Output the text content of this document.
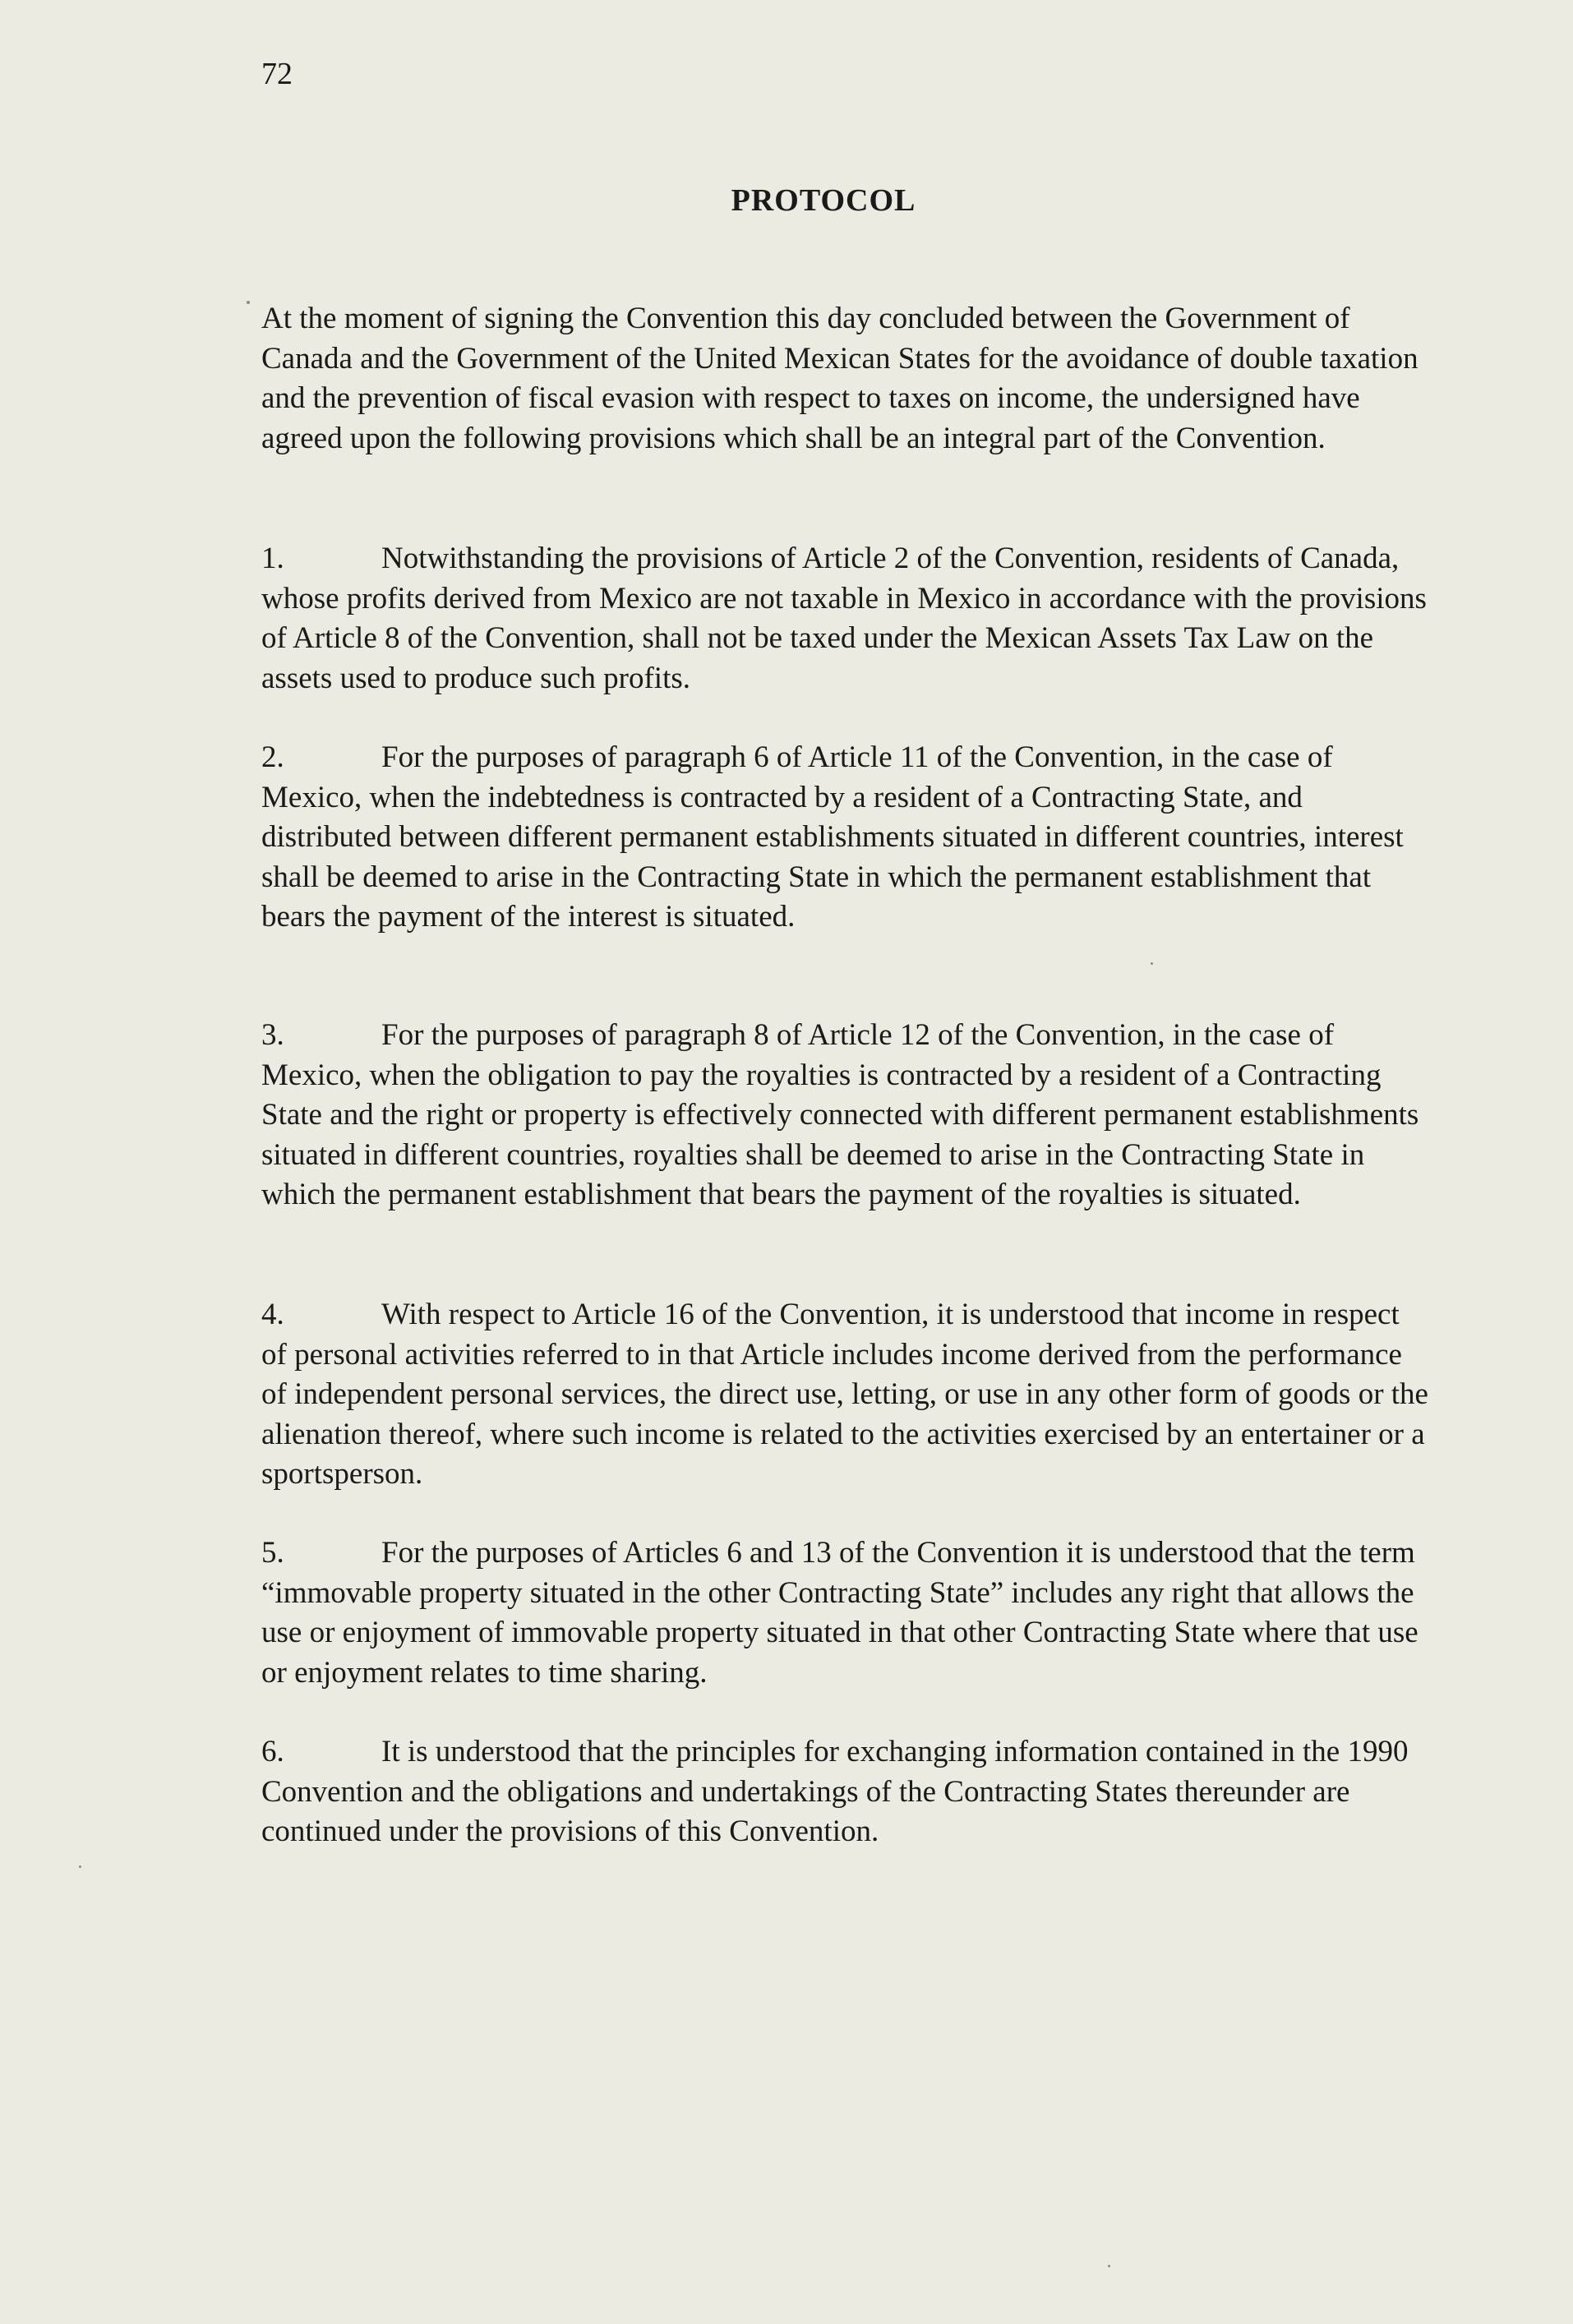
72
PROTOCOL
At the moment of signing the Convention this day concluded between the Government of Canada and the Government of the United Mexican States for the avoidance of double taxation and the prevention of fiscal evasion with respect to taxes on income, the undersigned have agreed upon the following provisions which shall be an integral part of the Convention.
1.	Notwithstanding the provisions of Article 2 of the Convention, residents of Canada, whose profits derived from Mexico are not taxable in Mexico in accordance with the provisions of Article 8 of the Convention, shall not be taxed under the Mexican Assets Tax Law on the assets used to produce such profits.
2.	For the purposes of paragraph 6 of Article 11 of the Convention, in the case of Mexico, when the indebtedness is contracted by a resident of a Contracting State, and distributed between different permanent establishments situated in different countries, interest shall be deemed to arise in the Contracting State in which the permanent establishment that bears the payment of the interest is situated.
3.	For the purposes of paragraph 8 of Article 12 of the Convention, in the case of Mexico, when the obligation to pay the royalties is contracted by a resident of a Contracting State and the right or property is effectively connected with different permanent establishments situated in different countries, royalties shall be deemed to arise in the Contracting State in which the permanent establishment that bears the payment of the royalties is situated.
4.	With respect to Article 16 of the Convention, it is understood that income in respect of personal activities referred to in that Article includes income derived from the performance of independent personal services, the direct use, letting, or use in any other form of goods or the alienation thereof, where such income is related to the activities exercised by an entertainer or a sportsperson.
5.	For the purposes of Articles 6 and 13 of the Convention it is understood that the term “immovable property situated in the other Contracting State” includes any right that allows the use or enjoyment of immovable property situated in that other Contracting State where that use or enjoyment relates to time sharing.
6.	It is understood that the principles for exchanging information contained in the 1990 Convention and the obligations and undertakings of the Contracting States thereunder are continued under the provisions of this Convention.
